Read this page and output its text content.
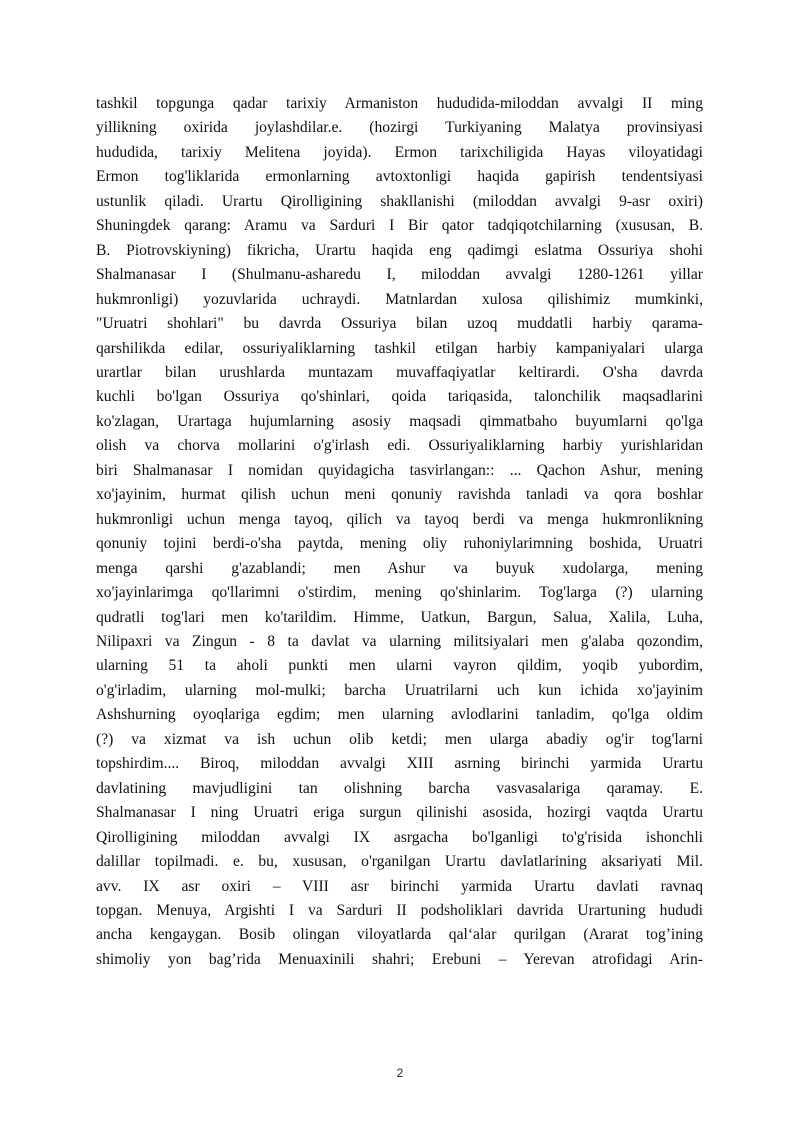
tashkil topgunga qadar tarixiy Armaniston hududida-miloddan avvalgi II ming
yillikning oxirida joylashdilar.e. (hozirgi Turkiyaning Malatya provinsiyasi
hududida, tarixiy Melitena joyida). Ermon tarixchiligida Hayas viloyatidagi
Ermon tog'liklarida ermonlarning avtoxtonligi haqida gapirish tendentsiyasi
ustunlik qiladi. Urartu Qirolligining shakllanishi (miloddan avvalgi 9-asr oxiri)
Shuningdek qarang: Aramu va Sarduri I Bir qator tadqiqotchilarning (xususan, B.
B. Piotrovskiyning) fikricha, Urartu haqida eng qadimgi eslatma Ossuriya shohi
Shalmanasar I (Shulmanu-asharedu I, miloddan avvalgi 1280-1261 yillar
hukmronligi) yozuvlarida uchraydi. Matnlardan xulosa qilishimiz mumkinki,
"Uruatri shohlari" bu davrda Ossuriya bilan uzoq muddatli harbiy qarama-
qarshilikda edilar, ossuriyaliklarning tashkil etilgan harbiy kampaniyalari ularga
urartlar bilan urushlarda muntazam muvaffaqiyatlar keltirardi. O'sha davrda
kuchli bo'lgan Ossuriya qo'shinlari, qoida tariqasida, talonchilik maqsadlarini
ko'zlagan, Urartaga hujumlarning asosiy maqsadi qimmatbaho buyumlarni qo'lga
olish va chorva mollarini o'g'irlash edi. Ossuriyaliklarning harbiy yurishlaridan
biri Shalmanasar I nomidan quyidagicha tasvirlangan:: ... Qachon Ashur, mening
xo'jayinim, hurmat qilish uchun meni qonuniy ravishda tanladi va qora boshlar
hukmronligi uchun menga tayoq, qilich va tayoq berdi va menga hukmronlikning
qonuniy tojini berdi-o'sha paytda, mening oliy ruhoniylarimning boshida, Uruatri
menga qarshi g'azablandi; men Ashur va buyuk xudolarga, mening
xo'jayinlarimga qo'llarimni o'stirdim, mening qo'shinlarim. Tog'larga (?) ularning
qudratli tog'lari men ko'tarildim. Himme, Uatkun, Bargun, Salua, Xalila, Luha,
Nilipaxri va Zingun - 8 ta davlat va ularning militsiyalari men g'alaba qozondim,
ularning 51 ta aholi punkti men ularni vayron qildim, yoqib yubordim,
o'g'irladim, ularning mol-mulki; barcha Uruatrilarni uch kun ichida xo'jayinim
Ashshurning oyoqlariga egdim; men ularning avlodlarini tanladim, qo'lga oldim
(?) va xizmat va ish uchun olib ketdi; men ularga abadiy og'ir tog'larni
topshirdim.... Biroq, miloddan avvalgi XIII asrning birinchi yarmida Urartu
davlatining mavjudligini tan olishning barcha vasvasalariga qaramay. E.
Shalmanasar I ning Uruatri eriga surgun qilinishi asosida, hozirgi vaqtda Urartu
Qirolligining miloddan avvalgi IX asrgacha bo'lganligi to'g'risida ishonchli
dalillar topilmadi. e. bu, xususan, o'rganilgan Urartu davlatlarining aksariyati Mil.
avv. IX asr oxiri – VIII asr birinchi yarmida Urartu davlati ravnaq
topgan. Menuya, Argishti I va Sarduri II podsholiklari davrida Urartuning hududi
ancha kengaygan. Bosib olingan viloyatlarda qal‘alar qurilgan (Ararat tog’ining
shimoliy yon bag’rida Menuaxinili shahri; Erebuni – Yerevan atrofidagi Arin-
2
